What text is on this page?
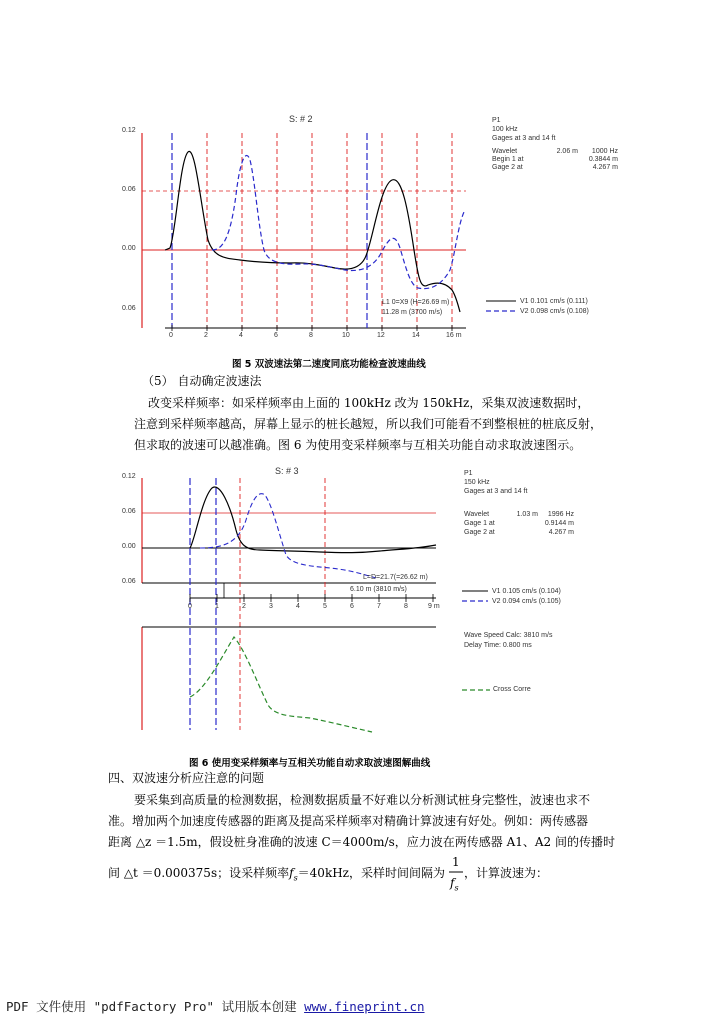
S: # 2
0.12
0.06
0.00
0.06
0	2	4	6	8	10	12	14	16 m
P1
100 kHz
Gages at 3 and 14 ft
Wavelet	2.06 m 1000 Hz
Begin 1 at	0.3844 m
Gage 2 at	4.267 m
V1 0.101 cm/s (0.111)
V2 0.098 cm/s (0.108)
L1 0=X9 (H=26.69 m)
11.28 m (3700 m/s)
图 5 双波速法第二速度同底功能检查波速曲线
（5） 自动确定波速法
改变采样频率：如采样频率由上面的 100kHz 改为 150kHz，采集双波速数据时，
注意到采样频率越高，屏幕上显示的桩长越短，所以我们可能看不到整根桩的桩底反射，
但求取的波速可以越准确。图 6 为使用变采样频率与互相关功能自动求取波速图示。
S: # 3
0.12
0.06
0.00
0.06
0	1	2	3	4	5	6	7	8	9 m
P1
150 kHz
Gages at 3 and 14 ft
Wavelet	1.03 m 1996 Hz
Gage 1 at	0.9144 m
Gage 2 at	4.267 m
L=D=21.7(=26.62 m)
6.10 m (3810 m/s)	V1 0.105 cm/s (0.104)
V2 0.094 cm/s (0.105)
Wave Speed Calc: 3810 m/s
Delay Time: 0.800 ms
Cross Corre
图 6 使用变采样频率与互相关功能自动求取波速图解曲线
四、双波速分析应注意的问题
要采集到高质量的检测数据，检测数据质量不好难以分析测试桩身完整性，波速也求不
准。增加两个加速度传感器的距离及提高采样频率对精确计算波速有好处。例如：两传感器
距离 △z ＝1.5m，假设桩身准确的波速 C＝4000m/s，应力波在两传感器 A1、A2 间的传播时
间 △t ＝0.000375s；设采样频率$f_s=40kHz$，采样时间间隔为
1
$f_s$
，计算波速为：
PDF 文件使用 "pdfFactory Pro" 试用版本创建 www.fineprint.cn
